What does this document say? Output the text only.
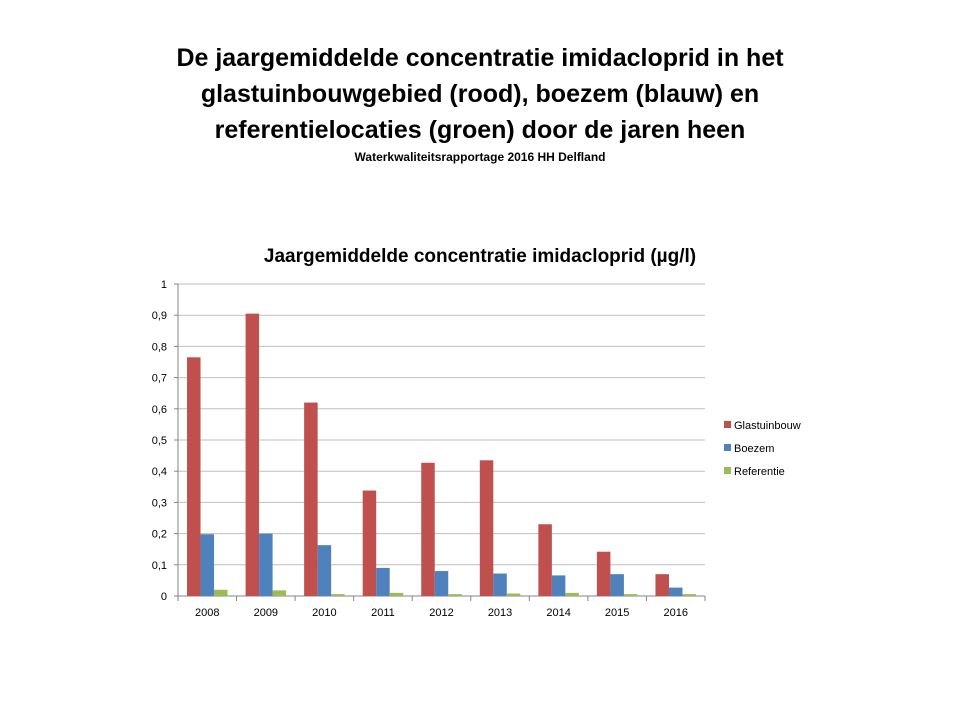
De jaargemiddelde concentratie imidacloprid in het
glastuinbouwgebied (rood), boezem (blauw) en
referentielocaties (groen) door de jaren heen
Waterkwaliteitsrapportage 2016 HH Delfland
Jaargemiddelde concentratie imidacloprid (µg/l)
0
0,1
0,2
0,3
0,4
0,5
0,6
0,7
0,8
0,9
1
2008	2009	2010	2011	2012	2013	2014	2015	2016
Glastuinbouw
Boezem
Referentie
